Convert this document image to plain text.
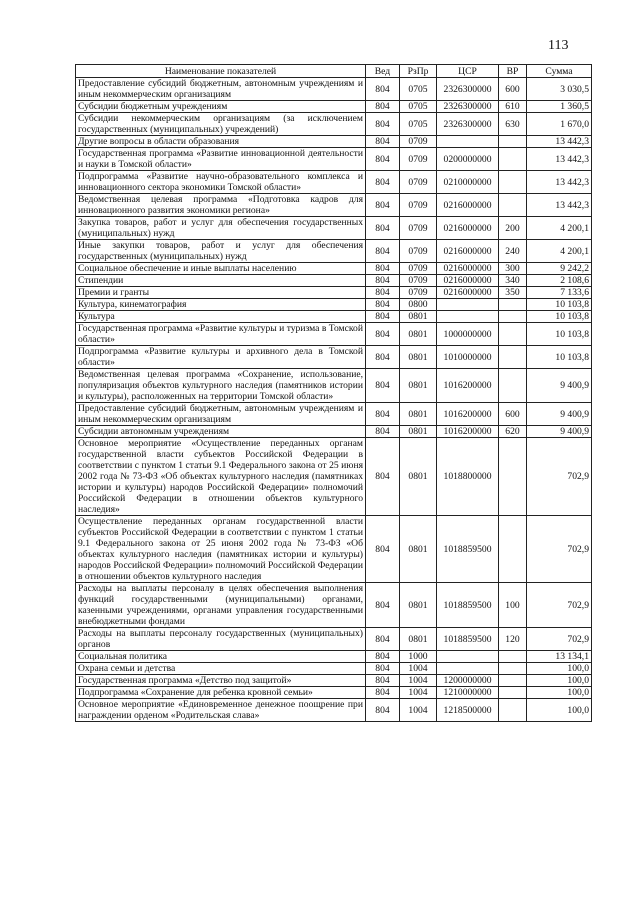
113
Наименование показателей	Вед	РзПр	ЦСР	ВР	Сумма
Предоставление субсидий бюджетным, автономным учреждениям и иным некоммерческим организациям	804	0705	2326300000	600	3 030,5
Субсидии бюджетным учреждениям	804	0705	2326300000	610	1 360,5
Субсидии некоммерческим организациям (за исключением государственных (муниципальных) учреждений)	804	0705	2326300000	630	1 670,0
Другие вопросы в области образования	804	0709			13 442,3
Государственная программа «Развитие инновационной деятельности и науки в Томской области»	804	0709	0200000000		13 442,3
Подпрограмма «Развитие научно-образовательного комплекса и инновационного сектора экономики Томской области»	804	0709	0210000000		13 442,3
Ведомственная целевая программа «Подготовка кадров для инновационного развития экономики региона»	804	0709	0216000000		13 442,3
Закупка товаров, работ и услуг для обеспечения государственных (муниципальных) нужд	804	0709	0216000000	200	4 200,1
Иные закупки товаров, работ и услуг для обеспечения государственных (муниципальных) нужд	804	0709	0216000000	240	4 200,1
Социальное обеспечение и иные выплаты населению	804	0709	0216000000	300	9 242,2
Стипендии	804	0709	0216000000	340	2 108,6
Премии и гранты	804	0709	0216000000	350	7 133,6
Культура, кинематография	804	0800			10 103,8
Культура	804	0801			10 103,8
Государственная программа «Развитие культуры и туризма в Томской области»	804	0801	1000000000		10 103,8
Подпрограмма «Развитие культуры и архивного дела в Томской области»	804	0801	1010000000		10 103,8
Ведомственная целевая программа «Сохранение, использование, популяризация объектов культурного наследия (памятников истории и культуры), расположенных на территории Томской области»	804	0801	1016200000		9 400,9
Предоставление субсидий бюджетным, автономным учреждениям и иным некоммерческим организациям	804	0801	1016200000	600	9 400,9
Субсидии автономным учреждениям	804	0801	1016200000	620	9 400,9
Основное мероприятие «Осуществление переданных органам государственной власти субъектов Российской Федерации в соответствии с пунктом 1 статьи 9.1 Федерального закона от 25 июня 2002 года № 73-ФЗ «Об объектах культурного наследия (памятниках истории и культуры) народов Российской Федерации» полномочий Российской Федерации в отношении объектов культурного наследия»	804	0801	1018800000		702,9
Осуществление переданных органам государственной власти субъектов Российской Федерации в соответствии с пунктом 1 статьи 9.1 Федерального закона от 25 июня 2002 года № 73-ФЗ «Об объектах культурного наследия (памятниках истории и культуры) народов Российской Федерации» полномочий Российской Федерации в отношении объектов культурного наследия	804	0801	1018859500		702,9
Расходы на выплаты персоналу в целях обеспечения выполнения функций государственными (муниципальными) органами, казенными учреждениями, органами управления государственными внебюджетными фондами	804	0801	1018859500	100	702,9
Расходы на выплаты персоналу государственных (муниципальных) органов	804	0801	1018859500	120	702,9
Социальная политика	804	1000			13 134,1
Охрана семьи и детства	804	1004			100,0
Государственная программа «Детство под защитой»	804	1004	1200000000		100,0
Подпрограмма «Сохранение для ребенка кровной семьи»	804	1004	1210000000		100,0
Основное мероприятие «Единовременное денежное поощрение при награждении орденом «Родительская слава»	804	1004	1218500000		100,0
